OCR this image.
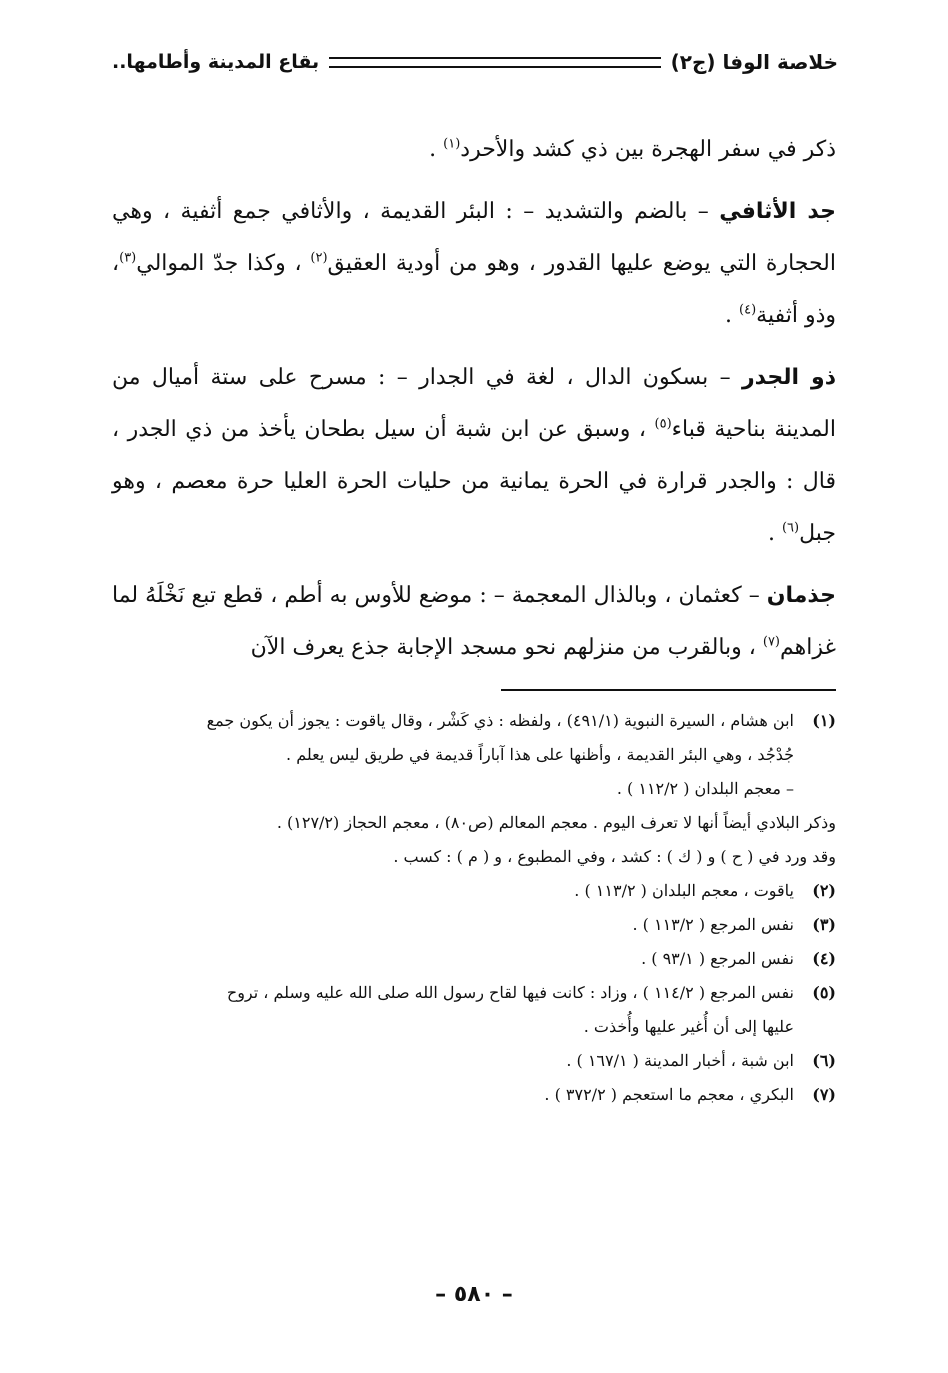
خلاصة الوفا (ج٢)
بقاع المدينة وأطامها..

ذكر في سفر الهجرة بين ذي كشد والأحرد$^{(١)}$ .

جد الأثافي – بالضم والتشديد – : البئر القديمة ، والأثافي جمع أثفية ، وهي الحجارة التي يوضع عليها القدور ، وهو من أودية العقيق$^{(٢)}$ ، وكذا جدّ الموالي$^{(٣)}$، وذو أثفية$^{(٤)}$ .

ذو الجدر – بسكون الدال ، لغة في الجدار – : مسرح على ستة أميال من المدينة بناحية قباء$^{(٥)}$ ، وسبق عن ابن شبة أن سيل بطحان يأخذ من ذي الجدر ، قال : والجدر قرارة في الحرة يمانية من حليات الحرة العليا حرة معصم ، وهو جبل$^{(٦)}$ .

جذمان – كعثمان ، وبالذال المعجمة – : موضع للأوس به أطم ، قطع تبع نَخْلَهُ لما غزاهم$^{(٧)}$ ، وبالقرب من منزلهم نحو مسجد الإجابة جذع يعرف الآن

(١)
ابن هشام ، السيرة النبوية (٤٩١/١) ، ولفظه : ذي كَشْر ، وقال ياقوت : يجوز أن يكون جمع
جُدْجُد ، وهي البئر القديمة ، وأظنها على هذا آباراً قديمة في طريق ليس يعلم .
– معجم البلدان ( ١١٢/٢ ) .
وذكر البلادي أيضاً أنها لا تعرف اليوم . معجم المعالم (ص٨٠) ، معجم الحجاز (١٢٧/٢) .
وقد ورد في ( ح ) و ( ك ) : كشد ، وفي المطبوع ، و ( م ) : كسب .
(٢)
ياقوت ، معجم البلدان ( ١١٣/٢ ) .
(٣)
نفس المرجع ( ١١٣/٢ ) .
(٤)
نفس المرجع ( ٩٣/١ ) .
(٥)
نفس المرجع ( ١١٤/٢ ) ، وزاد : كانت فيها لقاح رسول الله صلى الله عليه وسلم ، تروح
عليها إلى أن أُغير عليها وأُخذت .
(٦)
ابن شبة ، أخبار المدينة ( ١٦٧/١ ) .
(٧)
البكري ، معجم ما استعجم ( ٣٧٢/٢ ) .
– ٥٨٠ –
